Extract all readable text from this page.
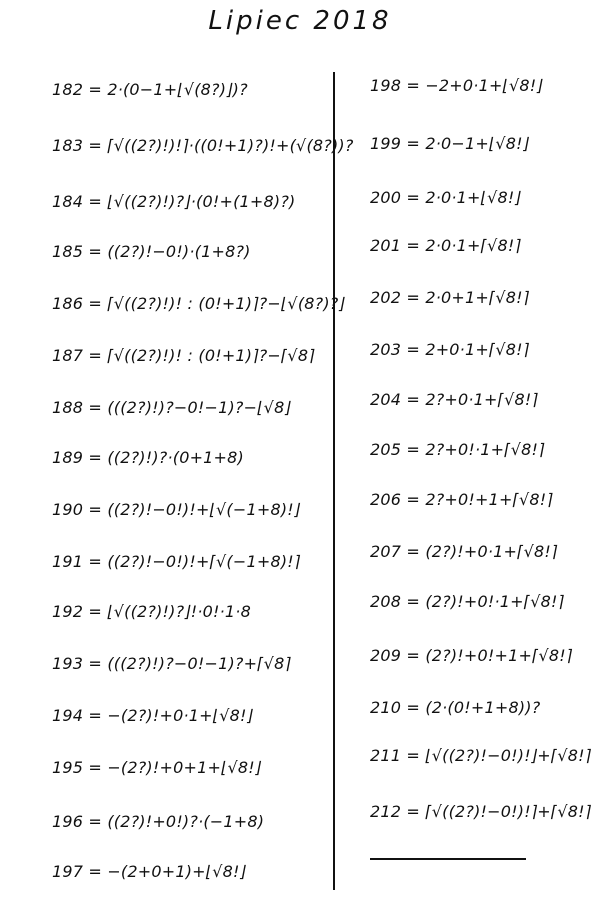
Lipiec 2018
182 = 2·(0−1+⌊√(8?)⌋)?
183 = ⌈√((2?)!)!⌉·((0!+1)?)!+(√(8?))?
184 = ⌊√((2?)!)?⌋·(0!+(1+8)?)
185 = ((2?)!−0!)·(1+8?)
186 = ⌈√((2?)!)! : (0!+1)⌉?−⌊√(8?)?⌋
187 = ⌈√((2?)!)! : (0!+1)⌉?−⌈√8⌉
188 = (((2?)!)?−0!−1)?−⌊√8⌋
189 = ((2?)!)?·(0+1+8)
190 = ((2?)!−0!)!+⌊√(−1+8)!⌋
191 = ((2?)!−0!)!+⌈√(−1+8)!⌉
192 = ⌊√((2?)!)?⌋!·0!·1·8
193 = (((2?)!)?−0!−1)?+⌈√8⌉
194 = −(2?)!+0·1+⌊√8!⌋
195 = −(2?)!+0+1+⌊√8!⌋
196 = ((2?)!+0!)?·(−1+8)
197 = −(2+0+1)+⌊√8!⌋
198 = −2+0·1+⌊√8!⌋
199 = 2·0−1+⌊√8!⌋
200 = 2·0·1+⌊√8!⌋
201 = 2·0·1+⌈√8!⌉
202 = 2·0+1+⌈√8!⌉
203 = 2+0·1+⌈√8!⌉
204 = 2?+0·1+⌈√8!⌉
205 = 2?+0!·1+⌈√8!⌉
206 = 2?+0!+1+⌈√8!⌉
207 = (2?)!+0·1+⌈√8!⌉
208 = (2?)!+0!·1+⌈√8!⌉
209 = (2?)!+0!+1+⌈√8!⌉
210 = (2·(0!+1+8))?
211 = ⌊√((2?)!−0!)!⌋+⌈√8!⌉
212 = ⌈√((2?)!−0!)!⌉+⌈√8!⌉
